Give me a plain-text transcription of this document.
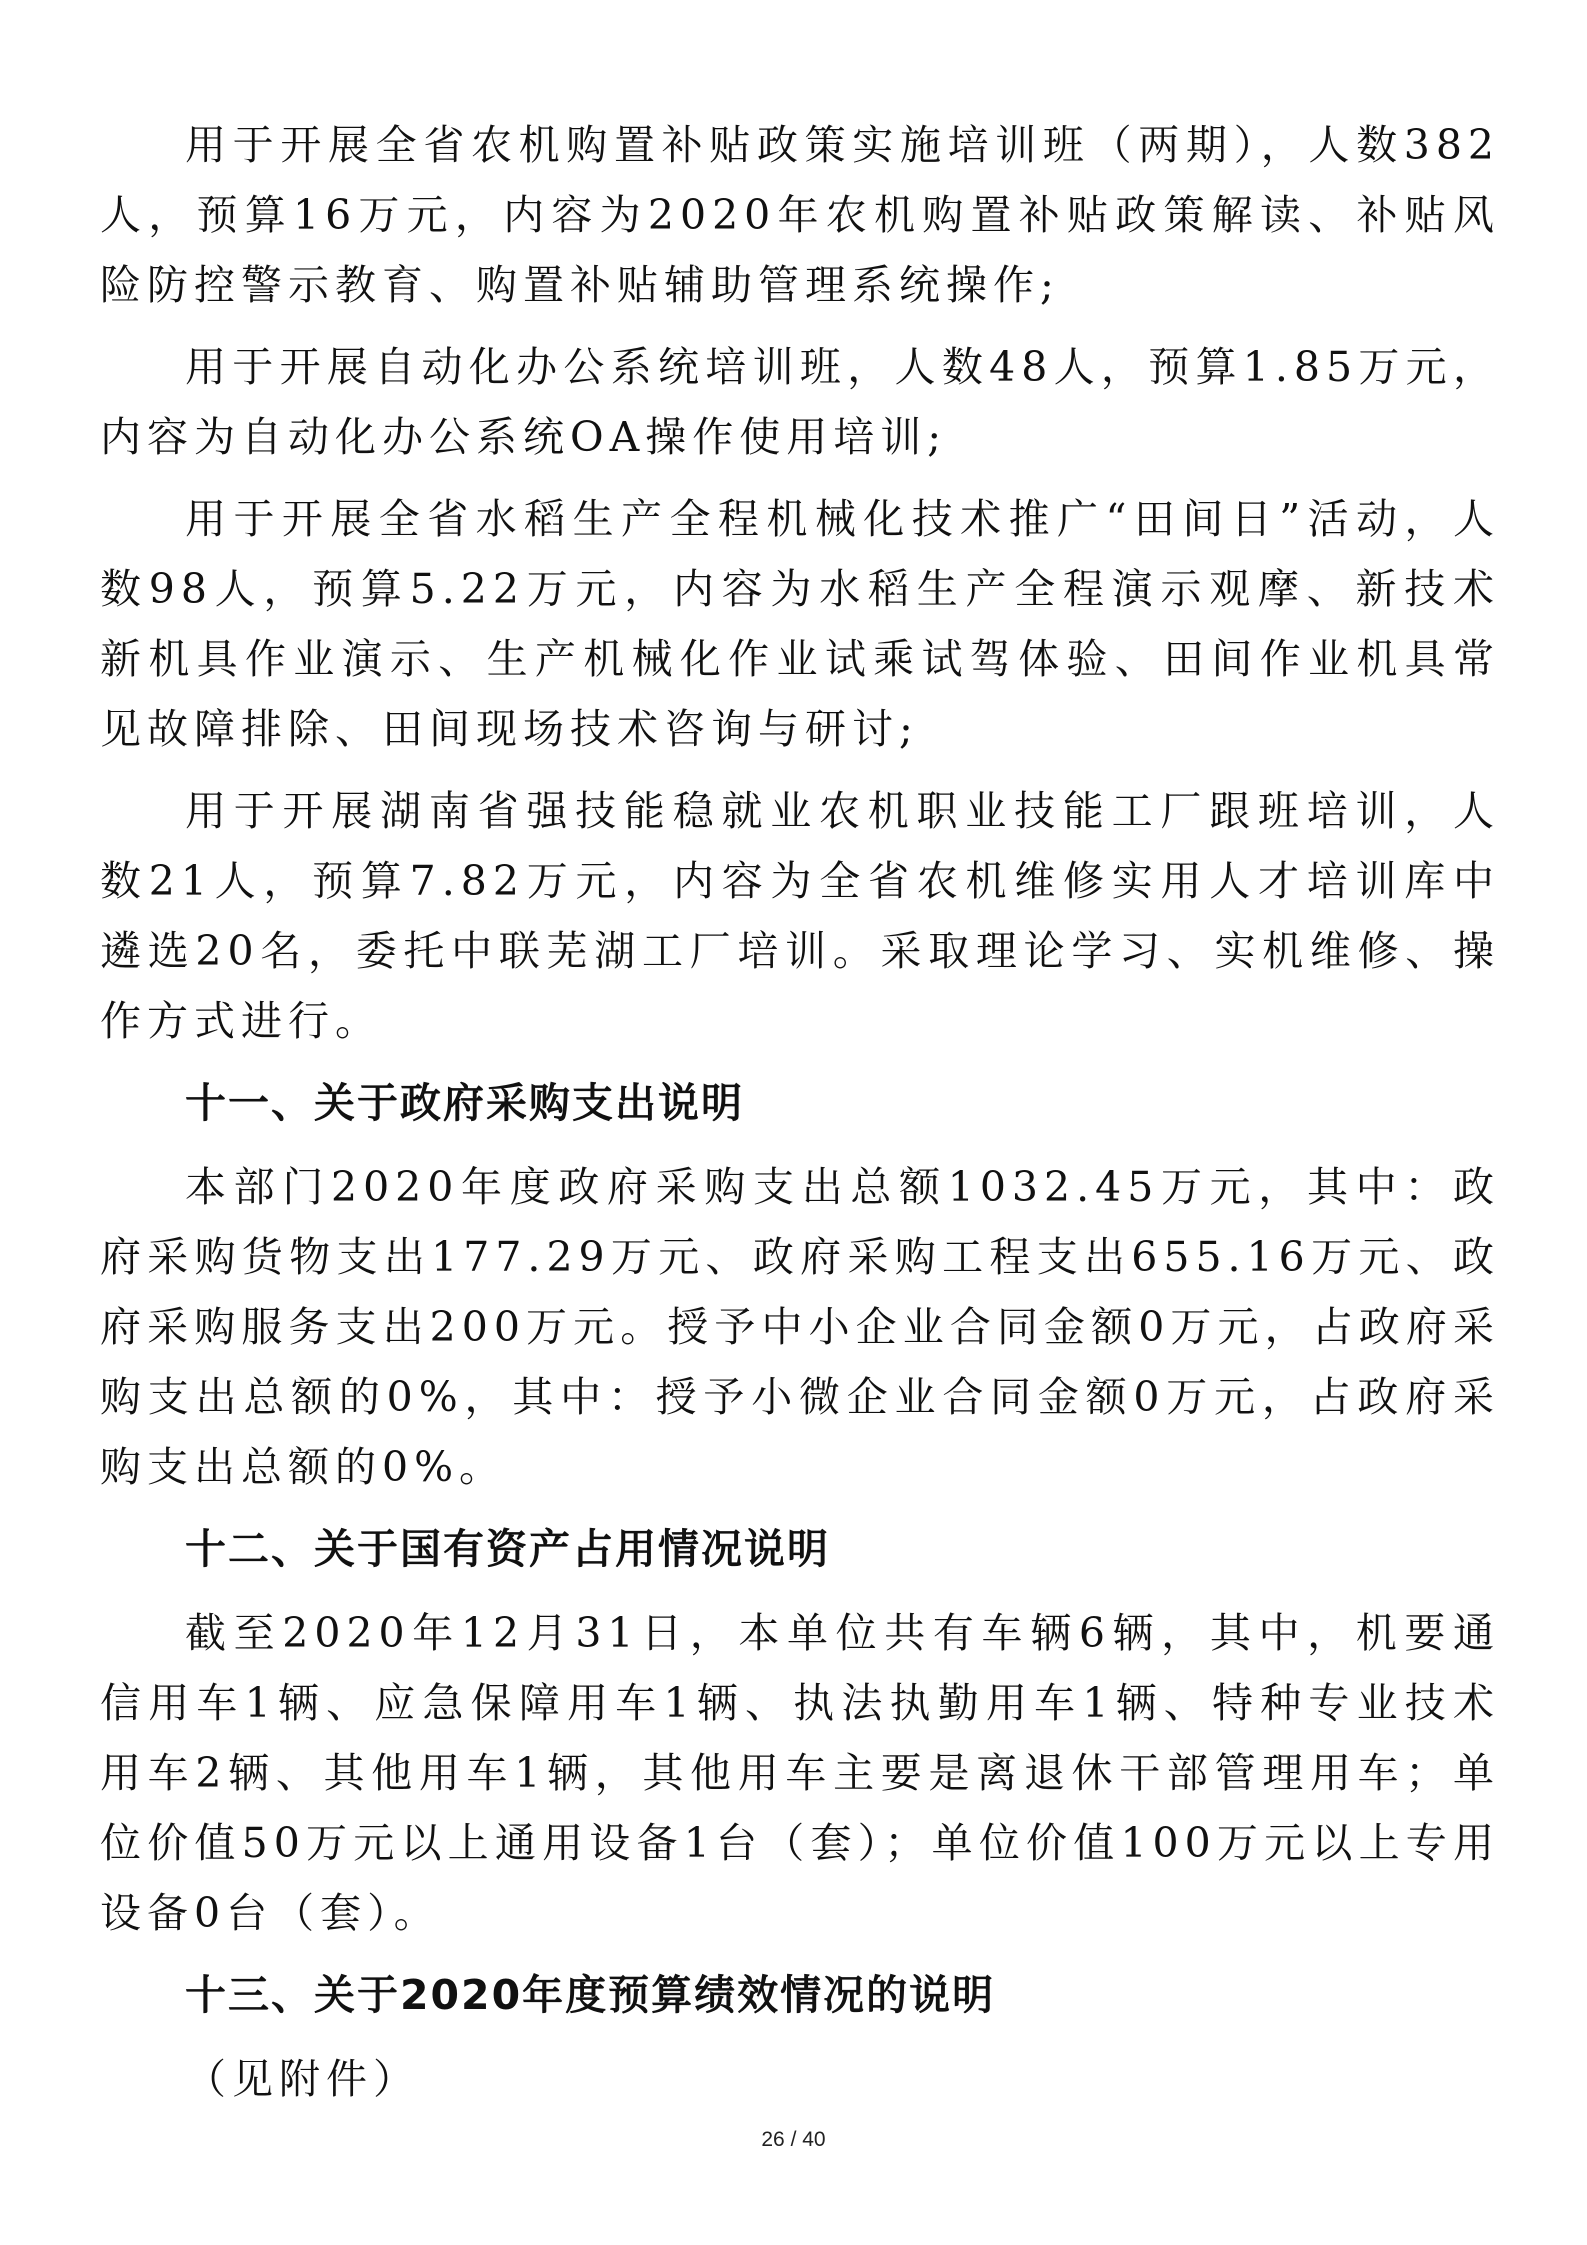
用于开展全省农机购置补贴政策实施培训班（两期），人数382人，预算16万元，内容为2020年农机购置补贴政策解读、补贴风险防控警示教育、购置补贴辅助管理系统操作;

用于开展自动化办公系统培训班，人数48人，预算1.85万元，内容为自动化办公系统OA操作使用培训;

用于开展全省水稻生产全程机械化技术推广“田间日”活动，人数98人，预算5.22万元，内容为水稻生产全程演示观摩、新技术新机具作业演示、生产机械化作业试乘试驾体验、田间作业机具常见故障排除、田间现场技术咨询与研讨;

用于开展湖南省强技能稳就业农机职业技能工厂跟班培训，人数21人，预算7.82万元，内容为全省农机维修实用人才培训库中遴选20名，委托中联芜湖工厂培训。采取理论学习、实机维修、操作方式进行。

十一、关于政府采购支出说明

本部门2020年度政府采购支出总额1032.45万元，其中：政府采购货物支出177.29万元、政府采购工程支出655.16万元、政府采购服务支出200万元。授予中小企业合同金额0万元，占政府采购支出总额的0%，其中：授予小微企业合同金额0万元，占政府采购支出总额的0%。

十二、关于国有资产占用情况说明

截至2020年12月31日，本单位共有车辆6辆，其中，机要通信用车1辆、应急保障用车1辆、执法执勤用车1辆、特种专业技术用车2辆、其他用车1辆，其他用车主要是离退休干部管理用车；单位价值50万元以上通用设备1台（套）；单位价值100万元以上专用设备0台（套）。

十三、关于2020年度预算绩效情况的说明

（见附件）

26 / 40
